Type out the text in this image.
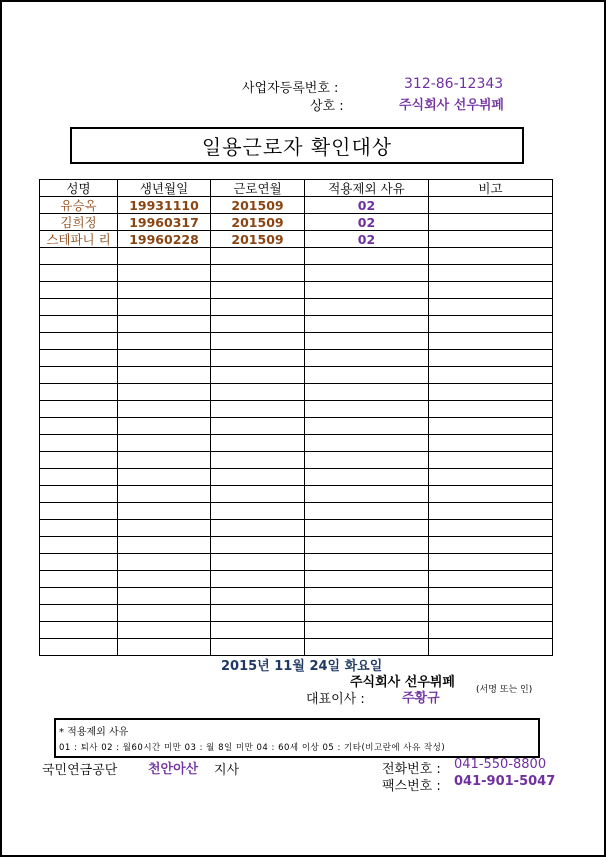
사업자등록번호 :	312-86-12343
상호 :	주식회사 선우뷔페
일용근로자 확인대상
성명	생년월일	근로연월	적용제외 사유	비고
유승옥	19931110	201509	02	
김희정	19960317	201509	02	
스테파니 리	19960228	201509	02	

2015년 11월 24일 화요일
주식회사 선우뷔페
대표이사 :	주황규
(서명 또는 인)
* 적용제외 사유
01 : 퇴사 02 : 월60시간 미만 03 : 월 8일 미만 04 : 60세 이상 05 : 기타(비고란에 사유 작성)
국민연금공단 천안아산 지사	전화번호 : 041-550-8800
팩스번호 : 041-901-5047
